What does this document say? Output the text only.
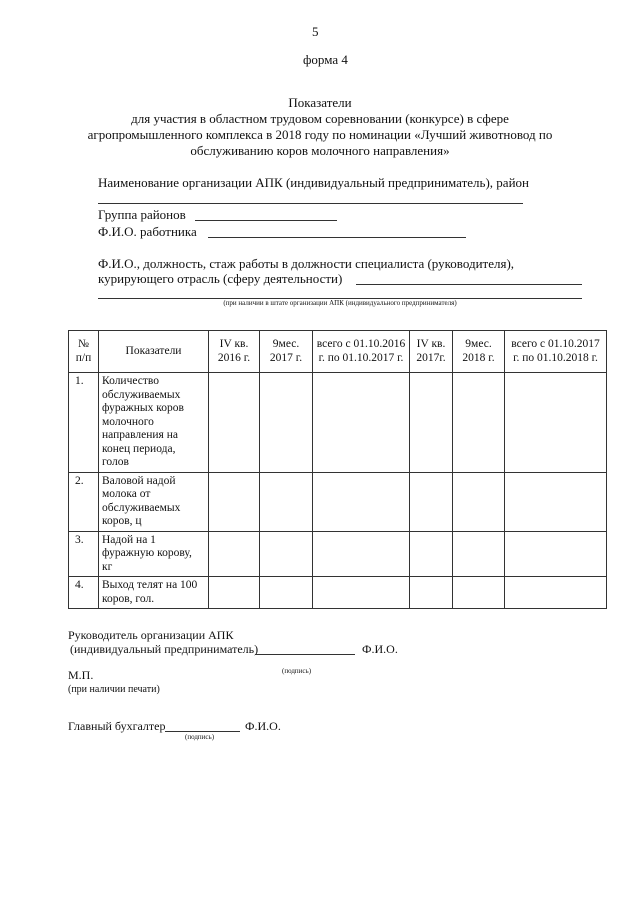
5
форма 4
Показатели
для участия в областном трудовом соревновании (конкурсе) в сфере
агропромышленного комплекса в 2018 году по номинации «Лучший животновод по
обслуживанию коров молочного направления»
Наименование организации АПК (индивидуальный предприниматель), район
Группа районов
Ф.И.О. работника
Ф.И.О., должность, стаж работы в должности специалиста (руководителя),
курирующего отрасль (сферу деятельности)
(при наличии в штате организации АПК (индивидуального предпринимателя)
№ п/п	Показатели	IV кв. 2016 г.	9мес. 2017 г.	всего с 01.10.2016 г. по 01.10.2017 г.	IV кв. 2017г.	9мес. 2018 г.	всего с 01.10.2017 г. по 01.10.2018 г.
1.	Количество обслуживаемых фуражных коров молочного направления на конец периода, голов						
2.	Валовой надой молока от обслуживаемых коров, ц						
3.	Надой на 1 фуражную корову, кг						
4.	Выход телят на 100 коров, гол.						
Руководитель организации АПК
(индивидуальный предприниматель)	Ф.И.О.
(подпись)
М.П.
(при наличии печати)
Главный бухгалтер	Ф.И.О.
(подпись)
